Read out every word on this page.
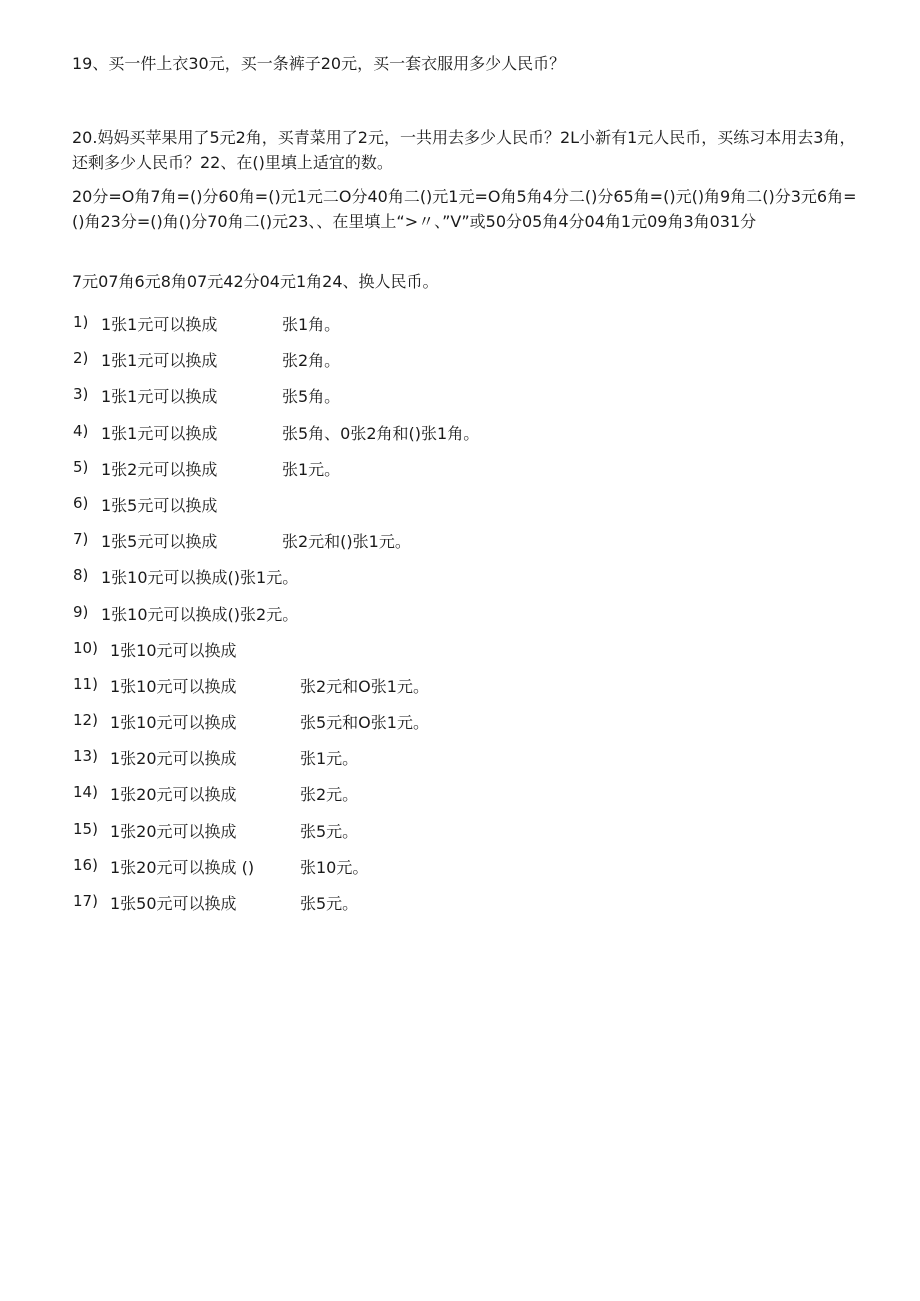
19、买一件上衣30元，买一条裤子20元，买一套衣服用多少人民币？

20.妈妈买苹果用了5元2角，买青菜用了2元，一共用去多少人民币？2L小新有1元人民币，买练习本用去3角，还剩多少人民币？22、在()里填上适宜的数。

20分=O角7角=()分60角=()元1元二O分40角二()元1元=O角5角4分二()分65角=()元()角9角二()分3元6角=()角23分=()角()分70角二()元23、、在里填上“>〃、”V”或50分05角4分04角1元09角3角031分

7元07角6元8角07元42分04元1角24、换人民币。

1) 1张1元可以换成	张1角。
2) 1张1元可以换成	张2角。
3) 1张1元可以换成	张5角。
4) 1张1元可以换成	张5角、0张2角和()张1角。
5) 1张2元可以换成	张1元。
6) 1张5元可以换成
7) 1张5元可以换成	张2元和()张1元。
8) 1张10元可以换成()张1元。
9) 1张10元可以换成()张2元。
10) 1张10元可以换成
11) 1张10元可以换成	张2元和O张1元。
12) 1张10元可以换成	张5元和O张1元。
13) 1张20元可以换成	张1元。
14) 1张20元可以换成	张2元。
15) 1张20元可以换成	张5元。
16) 1张20元可以换成 ()	张10元。
17) 1张50元可以换成	张5元。
